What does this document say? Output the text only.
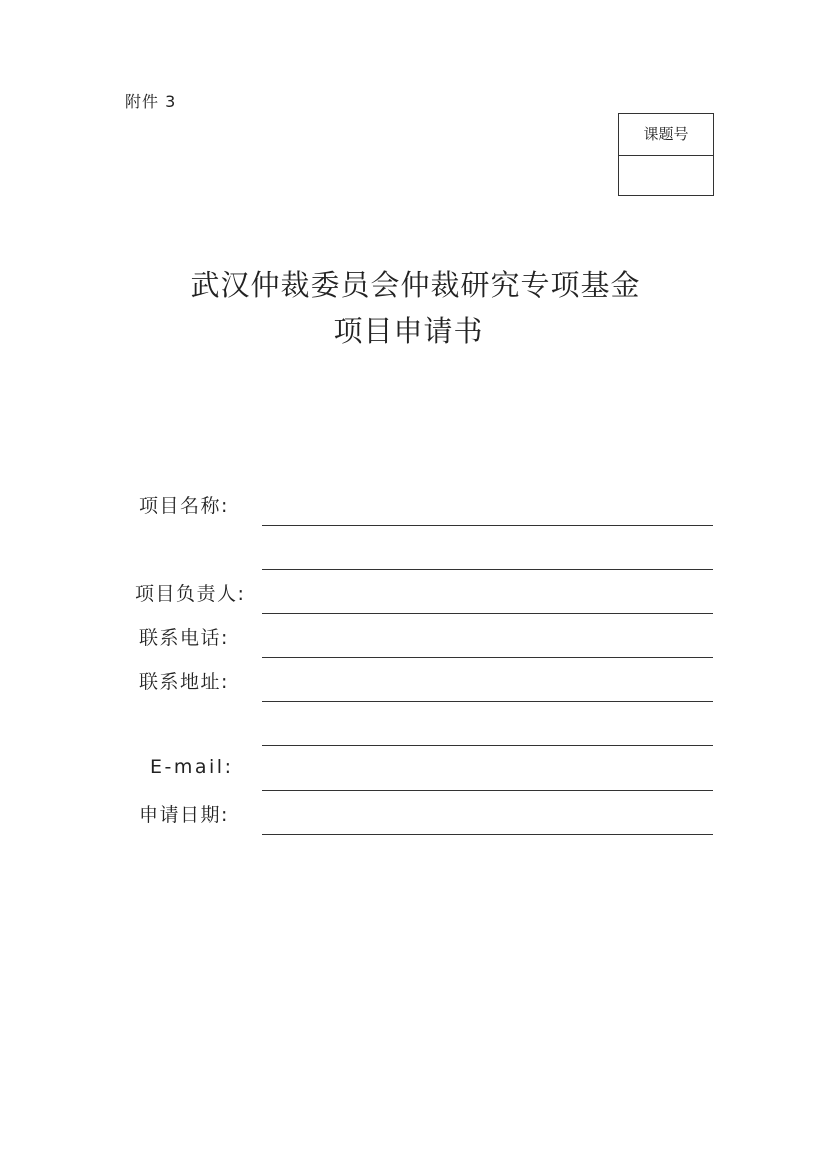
附件 3
课题号
武汉仲裁委员会仲裁研究专项基金
项目申请书
项目名称:
项目负责人:
联系电话:
联系地址:
E-mail:
申请日期:
